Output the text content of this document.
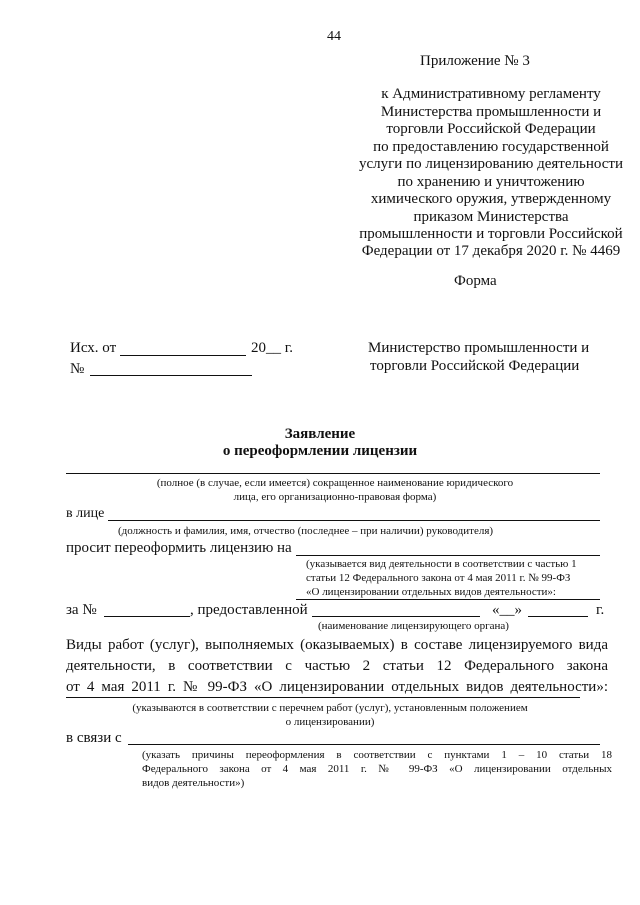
44
Приложение № 3
к Административному регламенту
Министерства промышленности и
торговли Российской Федерации
по предоставлению государственной
услуги по лицензированию деятельности
по хранению и уничтожению
химического оружия, утвержденному
приказом Министерства
промышленности и торговли Российской
Федерации от 17 декабря 2020 г. № 4469
Форма
Исх. от	20__ г.
№
Министерство промышленности и
торговли Российской Федерации
Заявление
о переоформлении лицензии
(полное (в случае, если имеется) сокращенное наименование юридического
лица, его организационно-правовая форма)
в лице
(должность и фамилия, имя, отчество (последнее – при наличии) руководителя)
просит переоформить лицензию на
(указывается вид деятельности в соответствии с частью 1
статьи 12 Федерального закона от 4 мая 2011 г. № 99-ФЗ
«О лицензировании отдельных видов деятельности»:
за №	, предоставленной	«__»	г.
(наименование лицензирующего органа)
Виды работ (услуг), выполняемых (оказываемых) в составе лицензируемого вида
деятельности, в соответствии с частью 2 статьи 12 Федерального закона
от 4 мая 2011 г. № 99-ФЗ «О лицензировании отдельных видов деятельности»:
(указываются в соответствии с перечнем работ (услуг), установленным положением
о лицензировании)
в связи с
(указать причины переоформления в соответствии с пунктами 1 – 10 статьи 18
Федерального закона от 4 мая 2011 г. № 99-ФЗ «О лицензировании отдельных
видов деятельности»)
